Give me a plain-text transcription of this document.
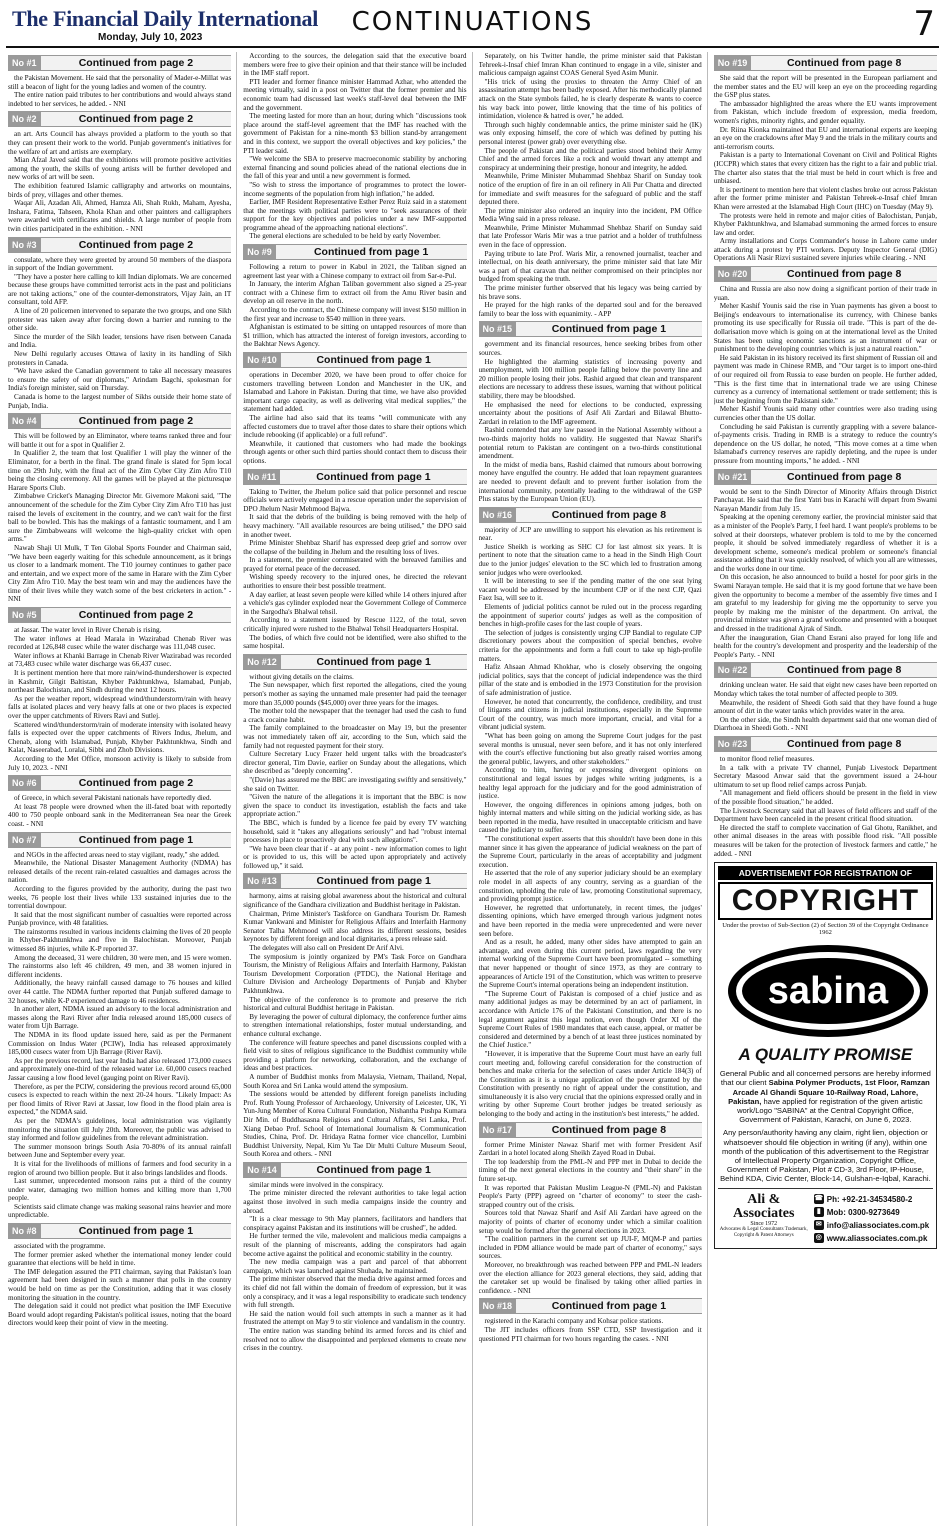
The Financial Daily International
Monday, July 10, 2023
CONTINUATIONS	7
No #1	Continued from page 2

the Pakistan Movement. He said that the personality of Mader-e-Millat was still a beacon of light for the young ladies and women of the country.

The entire nation paid tributes to her contributions and would always stand indebted to her services, he added. - NNI

No #2	Continued from page 2

an art. Arts Council has always provided a platform to the youth so that they can present their work to the world. Punjab government's initiatives for the welfare of art and artists are exemplary.

Mian Afzal Javed said that the exhibitions will promote positive activities among the youth, the skills of young artists will be further developed and new works of art will be seen.

The exhibition featured Islamic calligraphy and artworks on mountains, birds of prey, villages and other themes.

Waqar Ali, Azadan Ali, Ahmed, Hamza Ali, Shah Rukh, Maham, Ayesha, Inshara, Fatima, Tahseen, Khola Khan and other painters and calligraphers were awarded with certificates and shields. A large number of people from twin cities participated in the exhibition. - NNI

No #3	Continued from page 2

consulate, where they were greeted by around 50 members of the diaspora in support of the Indian government.

"They have a poster here calling to kill Indian diplomats. We are concerned because these groups have committed terrorist acts in the past and politicians are not taking actions," one of the counter-demonstrators, Vijay Jain, an IT consultant, told AFP.

A line of 20 policemen intervened to separate the two groups, and one Sikh protester was taken away after forcing down a barrier and running to the other side.

Since the murder of the Sikh leader, tensions have risen between Canada and India.

New Delhi regularly accuses Ottawa of laxity in its handling of Sikh protesters in Canada.

"We have asked the Canadian government to take all necessary measures to ensure the safety of our diplomats," Arindam Bagchi, spokesman for India's foreign minister, said on Thursday.

Canada is home to the largest number of Sikhs outside their home state of Punjab, India.

No #4	Continued from page 2

This will be followed by an Eliminator, where teams ranked three and four will battle it out for a spot in Qualifier 2.

In Qualifier 2, the team that lost Qualifier 1 will play the winner of the Eliminator, for a berth in the final. The grand finale is slated for 5pm local time on 29th July, with the final act of the Zim Cyber City Zim Afro T10 being the closing ceremony. All the games will be played at the picturesque Harare Sports Club.

Zimbabwe Cricket's Managing Director Mr. Givemore Makoni said, "The announcement of the schedule for the Zim Cyber City Zim Afro T10 has just raised the levels of excitement in the country, and we can't wait for the first ball to be bowled. This has the makings of a fantastic tournament, and I am sure the Zimbabweans will welcome the high-quality cricket with open arms."

Nawab Shaji Ul Mulk, T Ten Global Sports Founder and Chairman said, "We have been eagerly waiting for this schedule announcement, as it brings us closer to a landmark moment. The T10 journey continues to gather pace and entertain, and we expect more of the same in Harare with the Zim Cyber City Zim Afro T10. May the best team win and may the audiences have the time of their lives while they watch some of the best cricketers in action." - NNI

No #5	Continued from page 2

at Jassar. The water level in River Chenab is rising.

The water inflows at Head Marala in Wazirabad Chenab River was recorded at 126,848 cusec while the water discharge was 111,048 cusec.

Water inflows at Khanki Barrage in Chenab River Wazirabad was recorded at 73,483 cusec while water discharge was 66,437 cusec.

It is pertinent mention here that more rain/wind-thundershower is expected in Kashmir, Gilgit Baltistan, Khyber Pakhtunkhwa, Islamabad, Punjab, northeast Balochistan, and Sindh during the next 12 hours.

As per the weather report, widespread wind/thunderstorm/rain with heavy falls at isolated places and very heavy falls at one or two places is expected over the upper catchments of Rivers Ravi and Sutlej.

Scattered wind/thunderstorm/rain of moderate intensity with isolated heavy falls is expected over the upper catchments of Rivers Indus, Jhelum, and Chenab, along with Islamabad, Punjab, Khyber Pakhtunkhwa, Sindh and Kalat, Naseerabad, Loralai, Sibbi and Zhob Divisions.

According to the Met Office, monsoon activity is likely to subside from July 10, 2023. - NNI

No #6	Continued from page 2

of Greece, in which several Pakistani nationals have reportedly died.

At least 78 people were drowned when the ill-fated boat with reportedly 400 to 750 people onboard sank in the Mediterranean Sea near the Greek coast. - NNI

No #7	Continued from page 1

and NGOs in the affected areas need to stay vigilant, ready," she added.

Meanwhile, the National Disaster Management Authority (NDMA) has released details of the recent rain-related casualties and damages across the nation.

According to the figures provided by the authority, during the past two weeks, 76 people lost their lives while 133 sustained injuries due to the torrential downpour.

It said that the most significant number of casualties were reported across Punjab province, with 48 fatalities.

The rainstorms resulted in various incidents claiming the lives of 20 people in Khyber-Pakhtunkhwa and five in Balochistan. Moreover, Punjab witnessed 86 injuries, while K-P reported 37.

Among the deceased, 31 were children, 30 were men, and 15 were women. The rainstorms also left 46 children, 49 men, and 38 women injured in different incidents.

Additionally, the heavy rainfall caused damage to 76 houses and killed over 44 cattle. The NDMA further reported that Punjab suffered damage to 32 houses, while K-P experienced damage to 46 residences.

In another alert, NDMA issued an advisory to the local administration and masses along the Ravi River after India released around 185,000 cusecs of water from Ujh Barrage.

The NDMA in its flood update issued here, said as per the Permanent Commission on Indus Water (PCIW), India has released approximately 185,000 cusecs water from Ujh Barrage (River Ravi).

As per the previous record, last year India had also released 173,000 cusecs and approximately one-third of the released water i.e. 60,000 cusecs reached Jassar causing a low flood level (gauging point on River Ravi).

Therefore, as per the PCIW, considering the previous record around 65,000 cusecs is expected to reach within the next 20-24 hours. "Likely Impact: As per flood limits of River Ravi at Jassar, low flood in the flood plain area is expected," the NDMA said.

As per the NDMA's guidelines, local administration was vigilantly monitoring the situation till July 20th. Moreover, the public was advised to stay informed and follow guidelines from the relevant administration.

The summer monsoon brings South Asia 70-80% of its annual rainfall between June and September every year.

It is vital for the livelihoods of millions of farmers and food security in a region of around two billion people. But it also brings landslides and floods.

Last summer, unprecedented monsoon rains put a third of the country under water, damaging two million homes and killing more than 1,700 people.

Scientists said climate change was making seasonal rains heavier and more unpredictable.

No #8	Continued from page 1

associated with the programme.

The former premier asked whether the international money lender could guarantee that elections will be held in time.

The IMF delegation assured the PTI chairman, saying that Pakistan's loan agreement had been designed in such a manner that polls in the country would be held on time as per the Constitution, adding that it was closely monitoring the situation in the country.

The delegation said it could not predict what position the IMF Executive Board would adopt regarding Pakistan's political issues, noting that the board directors would keep their point of view in the meeting.

According to the sources, the delegation said that the executive board members were free to give their opinion and that their stance will be included in the IMF staff report.

PTI leader and former finance minister Hammad Azhar, who attended the meeting virtually, said in a post on Twitter that the former premier and his economic team had discussed last week's staff-level deal between the IMF and the government.

The meeting lasted for more than an hour, during which "discussions took place around the staff-level agreement that the IMF has reached with the government of Pakistan for a nine-month $3 billion stand-by arrangement and in this context, we support the overall objectives and key policies," the PTI leader said.

"We welcome the SBA to preserve macroeconomic stability by anchoring external financing and sound policies ahead of the national elections due in the fall of this year and until a new government is formed.

"So wish to stress the importance of programmes to protect the lower-income segments of the population from high inflation," he added.

Earlier, IMF Resident Representative Esther Perez Ruiz said in a statement that the meetings with political parties were to "seek assurances of their support for the key objectives and policies under a new IMF-supported programme ahead of the approaching national elections".

The general elections are scheduled to be held by early November.

No #9	Continued from page 1

Following a return to power in Kabul in 2021, the Taliban signed an agreement last year with a Chinese company to extract oil from Sar-e-Pul.

In January, the interim Afghan Taliban government also signed a 25-year contract with a Chinese firm to extract oil from the Amu River basin and develop an oil reserve in the north.

According to the contract, the Chinese company will invest $150 million in the first year and increase to $540 million in three years.

Afghanistan is estimated to be sitting on untapped resources of more than $1 trillion, which has attracted the interest of foreign investors, according to the Bakhtar News Agency.

No #10	Continued from page 1

operations in December 2020, we have been proud to offer choice for customers travelling between London and Manchester in the UK, and Islamabad and Lahore in Pakistan. During that time, we have also provided important cargo capacity, as well as delivering vital medical supplies," the statement had added.

The airline had also said that its teams "will communicate with any affected customers due to travel after those dates to share their options which include rebooking (if applicable) or a full refund".

Meanwhile, it cautioned that customers who had made the bookings through agents or other such third parties should contact them to discuss their options.

No #11	Continued from page 1

Taking to Twitter, the Jhelum police said that police personnel and rescue officials were actively engaged in a rescue operation under the supervision of DPO Jhelum Nasir Mehmood Bajwa.

It said that the debris of the building is being removed with the help of heavy machinery. "All available resources are being utilised," the DPO said in another tweet.

Prime Minister Shehbaz Sharif has expressed deep grief and sorrow over the collapse of the building in Jhelum and the resulting loss of lives.

In a statement, the premier commiserated with the bereaved families and prayed for eternal peace of the deceased.

Wishing speedy recovery to the injured ones, he directed the relevant authorities to ensure their best possible treatment.

A day earlier, at least seven people were killed while 14 others injured after a vehicle's gas cylinder exploded near the Government College of Commerce in the Sargodha's Bhalwal tehsil.

According to a statement issued by Rescue 1122, of the total, seven critically injured were rushed to the Bhalwal Tehsil Headquarters Hospital.

The bodies, of which five could not be identified, were also shifted to the same hospital.

No #12	Continued from page 1

without giving details on the claims.

The Sun newspaper, which first reported the allegations, cited the young person's mother as saying the unnamed male presenter had paid the teenager more than 35,000 pounds ($45,000) over three years for the images.

The mother told the newspaper that the teenager had used the cash to fund a crack cocaine habit.

The family complained to the broadcaster on May 19, but the presenter was not immediately taken off air, according to the Sun, which said the family had not requested payment for their story.

Culture Secretary Lucy Frazer held urgent talks with the broadcaster's director general, Tim Davie, earlier on Sunday about the allegations, which she described as "deeply concerning".

"(Davie) has assured me the BBC are investigating swiftly and sensitively," she said on Twitter.

"Given the nature of the allegations it is important that the BBC is now given the space to conduct its investigation, establish the facts and take appropriate action."

The BBC, which is funded by a licence fee paid by every TV watching household, said it "takes any allegations seriously" and had "robust internal processes in place to proactively deal with such allegations".

"We have been clear that if - at any point - new information comes to light or is provided to us, this will be acted upon appropriately and actively followed up," it said.

No #13	Continued from page 1

harmony, aims at raising global awareness about the historical and cultural significance of the Gandhara civilization and Buddhist heritage in Pakistan.

Chairman, Prime Minister's Taskforce on Gandhara Tourism Dr. Ramesh Kumar Vankwani and Minister for Religious Affairs and Interfaith Harmony Senator Talha Mehmood will also address its different sessions, besides keynotes by different foreign and local dignitaries, a press release said.

The delegates will also call on President Dr Arif Alvi.

The symposium is jointly organized by PM's Task Force on Gandhara Tourism, the Ministry of Religious Affairs and Interfaith Harmony, Pakistan Tourism Development Corporation (PTDC), the National Heritage and Culture Division and Archeology Departments of Punjab and Khyber Pakhtunkhwa.

The objective of the conference is to promote and preserve the rich historical and cultural Buddhist heritage in Pakistan.

By leveraging the power of cultural diplomacy, the conference further aims to strengthen international relationships, foster mutual understanding, and enhance cultural exchange.

The conference will feature speeches and panel discussions coupled with a field visit to sites of religious significance to the Buddhist community while providing a platform for networking, collaboration, and the exchange of ideas and best practices.

A number of Buddhist monks from Malaysia, Vietnam, Thailand, Nepal, South Korea and Sri Lanka would attend the symposium.

The sessions would be attended by different foreign panelists including Prof. Ruth Young Professor of Archaeology, University of Leicester, UK, Yi Yun-Jung Member of Korea Cultural Foundation, Nishantha Pushpa Kumara Dir Min. of Buddhasasna Religious and Cultural Affairs, Sri Lanka, Prof. Xiang Debao Prof. School of International Journalism & Communication Studies, China, Prof. Dr. Hridaya Ratna former vice chancellor, Lumbini Buddhist University, Nepal, Kim Yu Tae Dir Multi Culture Museum Seoul, South Korea and others. - NNI

No #14	Continued from page 1

similar minds were involved in the conspiracy.

The prime minister directed the relevant authorities to take legal action against those involved in such media campaigns inside the country and abroad.

"It is a clear message to 9th May planners, facilitators and handlers that conspiracy against Pakistan and its institutions will be crushed", he added.

He further termed the vile, malevolent and malicious media campaigns a result of the planning of miscreants, adding the conspirators had again become active against the political and economic stability in the country.

The new media campaign was a part and parcel of that abhorrent campaign, which was launched against Shuhada, he maintained.

The prime minister observed that the media drive against armed forces and its chief did not fall within the domain of freedom of expression, but it was only a conspiracy, and it was a legal responsibility to eradicate such tendency with full strength.

He said the nation would foil such attempts in such a manner as it had frustrated the attempt on May 9 to stir violence and vandalism in the country.

The entire nation was standing behind its armed forces and its chief and resolved not to allow the disappointed and perplexed elements to create new crises in the country.

Separately, on his Twitter handle, the prime minister said that Pakistan Tehreek-i-Insaf chief Imran Khan continued to engage in a vile, sinister and malicious campaign against COAS General Syed Asim Munir.

"His trick of using the proxies to threaten the Army Chief of an assassination attempt has been badly exposed. After his methodically planned attack on the State symbols failed, he is clearly desperate & wants to coerce his way back into power, little knowing that the time of his politics of intimidation, violence & hatred is over," he added.

Through such highly condemnable antics, the prime minister said he (IK) was only exposing himself, the core of which was defined by putting his personal interest (power grab) over everything else.

The people of Pakistan and the political parties stood behind their Army Chief and the armed forces like a rock and would thwart any attempt and conspiracy at undermining their prestige, honour and integrity, he added.

Meanwhile, Prime Minister Muhammad Shehbaz Sharif on Sunday took notice of the eruption of fire in an oil refinery in Ali Pur Chatta and directed for immediate and swift measures for the safeguard of public and the staff deputed there.

The prime minister also ordered an inquiry into the incident, PM Office Media Wing said in a press release.

Meanwhile, Prime Minister Muhammad Shehbaz Sharif on Sunday said that late Professor Waris Mir was a true patriot and a holder of truthfulness even in the face of oppression.

Paying tribute to late Prof. Waris Mir, a renowned journalist, teacher and intellectual, on his death anniversary, the prime minister said that late Mir was a part of that caravan that neither compromised on their principles nor budged from speaking the truth.

The prime minister further observed that his legacy was being carried by his brave sons.

He prayed for the high ranks of the departed soul and for the bereaved family to bear the loss with equanimity. - APP

No #15	Continued from page 1

government and its financial resources, hence seeking bribes from other sources.

He highlighted the alarming statistics of increasing poverty and unemployment, with 100 million people falling below the poverty line and 20 million people losing their jobs. Rashid argued that clean and transparent elections are necessary to address these issues, warning that without political stability, there may be bloodshed.

He emphasised the need for elections to be conducted, expressing uncertainty about the positions of Asif Ali Zardari and Bilawal Bhutto-Zardari in relation to the IMF agreement.

Rashid contended that any law passed in the National Assembly without a two-thirds majority holds no validity. He suggested that Nawaz Sharif's potential return to Pakistan are contingent on a two-thirds constitutional amendment.

In the midst of media bans, Rashid claimed that rumours about borrowing money have engulfed the country. He added that loan repayment guarantees are needed to prevent default and to prevent further isolation from the international community, potentially leading to the withdrawal of the GSP Plus status by the European Union (EU).

No #16	Continued from page 8

majority of JCP are unwilling to support his elevation as his retirement is near.

Justice Sheikh is working as SHC CJ for last almost six years. It is pertinent to note that the situation came to a head in the Sindh High Court due to the junior judges' elevation to the SC which led to frustration among senior judges who were overlooked.

It will be interesting to see if the pending matter of the one seat lying vacant would be addressed by the incumbent CJP or if the next CJP, Qazi Faez Isa, will see to it.

Elements of judicial politics cannot be ruled out in the process regarding the appointment of superior courts' judges as well as the composition of benches in high-profile cases for the last couple of years.

The selection of judges is consistently urging CJP Bandial to regulate CJP discretionary powers about the composition of special benches, evolve criteria for the appointments and form a full court to take up high-profile matters.

Hafiz Ahsaan Ahmad Khokhar, who is closely observing the ongoing judicial politics, says that the concept of judicial independence was the third pillar of the state and is embodied in the 1973 Constitution for the provision of safe administration of justice.

However, he noted that concurrently, the confidence, credibility, and trust of litigants and citizens in judicial institutions, especially in the Supreme Court of the country, was much more important, crucial, and vital for a vibrant judicial system.

"What has been going on among the Supreme Court judges for the past several months is unusual, never seen before, and it has not only interfered with the court's effective functioning but also greatly raised worries among the general public, lawyers, and other stakeholders."

According to him, having or expressing divergent opinions on constitutional and legal issues by judges while writing judgments, is a healthy legal approach for the judiciary and for the good administration of justice.

However, the ongoing differences in opinions among judges, both on highly internal matters and while sitting on the judicial working side, as has been reported in the media, have resulted in unacceptable criticism and have caused the judiciary to suffer.

"The constitutional expert asserts that this shouldn't have been done in this manner since it has given the appearance of judicial weakness on the part of the Supreme Court, particularly in the areas of acceptability and judgment execution.

He asserted that the role of any superior judiciary should be an exemplary role model in all aspects of any country, serving as a guardian of the constitution, upholding the rule of law, promoting Constitutional supremacy, and providing prompt justice.

However, he regretted that unfortunately, in recent times, the judges' dissenting opinions, which have emerged through various judgment notes and have been reported in the media were unprecedented and were never seen before.

And as a result, he added, many other sides have attempted to gain an advantage, and even during this current period, laws regarding the very internal working of the Supreme Court have been promulgated -- something that never happened or thought of since 1973, as they are contrary to appearances of Article 191 of the Constitution, which was written to preserve the Supreme Court's internal operations being an independent institution.

"The Supreme Court of Pakistan is composed of a chief justice and as many additional judges as may be determined by an act of parliament, in accordance with Article 176 of the Pakistani Constitution, and there is no legal argument against this legal notion, even though Order XI of the Supreme Court Rules of 1980 mandates that each cause, appeal, or matter be considered and determined by a bench of at least three justices nominated by the Chief Justice."

"However, it is imperative that the Supreme Court must have an early full court meeting and, following careful consideration for the construction of benches and make criteria for the selection of cases under Article 184(3) of the Constitution as it is a unique application of the power granted by the Constitution with presently no right of appeal under the constitution, and simultaneously it is also very crucial that the opinions expressed orally and in writing by other Supreme Court brother judges be treated seriously as belonging to the body and acting in the institution's best interests," he added.

No #17	Continued from page 8

former Prime Minister Nawaz Sharif met with former President Asif Zardari in a hotel located along Sheikh Zayed Road in Dubai.

The top leadership from the PML-N and PPP met in Dubai to decide the timing of the next general elections in the country and "their share" in the future set-up.

It was reported that Pakistan Muslim League-N (PML-N) and Pakistan People's Party (PPP) agreed on "charter of economy" to steer the cash-strapped country out of the crisis.

Sources told that Nawaz Sharif and Asif Ali Zardari have agreed on the majority of points of charter of economy under which a similar coalition setup would be formed after the general elections in 2023.

"The coalition partners in the current set up JUI-F, MQM-P and parties included in PDM alliance would be made part of charter of economy," says sources.

Moreover, no breakthrough was reached between PPP and PML-N leaders over the election alliance for 2023 general elections, they said, adding that the caretaker set up would be finalised by taking other allied parties in confidence. - NNI

No #18	Continued from page 1

registered in the Karachi company and Kohsar police stations.

The JIT includes officers from SSP CTD, SSP Investigation and it questioned PTI chairman for two hours regarding the cases. - NNI

No #19	Continued from page 8

She said that the report will be presented in the European parliament and the member states and the EU will keep an eye on the proceeding regarding the GSP plus states.

The ambassador highlighted the areas where the EU wants improvement from Pakistan, which include freedom of expression, media freedom, women's rights, minority rights, and gender equality.

Dr. Riina Kionka maintained that EU and international experts are keeping an eye on the crackdowns after May 9 and the trials in the military courts and anti-terrorism courts.

Pakistan is a party to International Covenant on Civil and Political Rights (ICCPR) which states that every citizen has the right to a fair and public trial. The charter also states that the trial must be held in court which is free and unbiased.

It is pertinent to mention here that violent clashes broke out across Pakistan after the former prime minister and Pakistan Tehreek-e-Insaf chief Imran Khan were arrested at the Islamabad High Court (IHC) on Tuesday (May 9).

The protests were held in remote and major cities of Balochistan, Punjab, Khyber Pakhtunkhwa, and Islamabad summoning the armed forces to ensure law and order.

Army installations and Corps Commander's house in Lahore came under attack during a protest by PTI workers. Deputy Inspector General (DIG) Operations Ali Nasir Rizvi sustained severe injuries while clearing. - NNI

No #20	Continued from page 8

China and Russia are also now doing a significant portion of their trade in yuan.

Meher Kashif Younis said the rise in Yuan payments has given a boost to Beijing's endeavours to internationalise its currency, with Chinese banks promoting its use specifically for Russia oil trade. "This is part of the de-dollarisation move which is going on at the international level as the United States has been using economic sanctions as an instrument of war or punishment to the developing countries which is just a natural reaction."

He said Pakistan in its history received its first shipment of Russian oil and payment was made in Chinese RMB, and "Our target is to import one-third of our required oil from Russia to ease burden on people. He further added, "This is the first time that in international trade we are using Chinese currency as a currency of international settlement or trade settlement; this is just the beginning from the Pakistani side."

Meher Kashif Younis said many other countries were also trading using currencies other than the US dollar.

Concluding he said Pakistan is currently grappling with a severe balance-of-payments crisis. Trading in RMB is a strategy to reduce the country's dependence on the US dollar, he noted, "This move comes at a time when Islamabad's currency reserves are rapidly depleting, and the rupee is under pressure from mounting imports," he added. - NNI

No #21	Continued from page 8

would be sent to the Sindh Director of Minority Affairs through District Panchayat. He said that the first Yatri bus in Karachi will depart from Swami Narayan Mandir from July 15.

Speaking at the opening ceremony earlier, the provincial minister said that as a minister of the People's Party, I feel hard. I want people's problems to be solved at their doorsteps, whatever problem is told to me by the concerned people, it should be solved immediately regardless of whether it is a development scheme, someone's medical problem or someone's financial assistance adding that it was quickly resolved, of which you all are witnesses, and the works done in our time.

On this occasion, he also announced to build a hostel for poor girls in the Swami Narayan temple. He said that it is my good fortune that we have been given the opportunity to become a member of the assembly five times and I am grateful to my leadership for giving me the opportunity to serve you people by making me the minister of the department. On arrival, the provincial minister was given a grand welcome and presented with a bouquet and dressed in the traditional Ajrak of Sindh.

After the inauguration, Gian Chand Esrani also prayed for long life and health for the country's development and prosperity and the leadership of the People's Party. - NNI

No #22	Continued from page 8

drinking unclean water. He said that eight new cases have been reported on Monday which takes the total number of affected people to 309.

Meanwhile, the resident of Sheedi Goth said that they have found a huge amount of dirt in the water tanks which provides water in the area.

On the other side, the Sindh health department said that one woman died of Diarrhoea in Sheedi Goth. - NNI

No #23	Continued from page 8

to monitor flood relief measures.

In a talk with a private TV channel, Punjab Livestock Department Secretary Masood Anwar said that the government issued a 24-hour ultimatum to set up flood relief camps across Punjab.

"All management and field officers should be present in the field in view of the possible flood situation," he added.

The Livestock Secretary said that all leaves of field officers and staff of the Department have been canceled in the present critical flood situation.

He directed the staff to complete vaccination of Gal Ghotu, Ranikhet, and other animal diseases in the areas with possible flood risk. "All possible measures will be taken for the protection of livestock farmers and cattle," he added. - NNI

ADVERTISEMENT FOR REGISTRATION OF
COPYRIGHT
Under the proviso of Sub-Section (2) of Section 39 of the Copyright Ordinance 1962
sabina
A QUALITY PROMISE

General Public and all concerned persons are hereby informed that our client Sabina Polymer Products, 1st Floor, Ramzan Arcade Al Ghandi Square 10-Railway Road, Lahore, Pakistan, have applied for registration of the given artistic work/Logo "SABINA" at the Central Copyright Office, Government of Pakistan, Karachi, on June 6, 2023.

Any person/authority having any claim, right lien, objection or whatsoever should file objection in writing (if any), within one month of the publication of this advertisement to the Registrar of Intellectual Property Organization, Copyright Office, Government of Pakistan, Plot # CD-3, 3rd Floor, IP-House, Behind KDA, Civic Center, Block-14, Gulshan-e-Iqbal, Karachi.

Ali & Associates
Since 1972
Advocates & Legal Consultants Trademark, Copyright & Patent Attorneys
☎ Ph: +92-21-34534580-2
▮ Mob: 0300-9273649
✉ info@aliassociates.com.pk
◎ www.aliassociates.com.pk
